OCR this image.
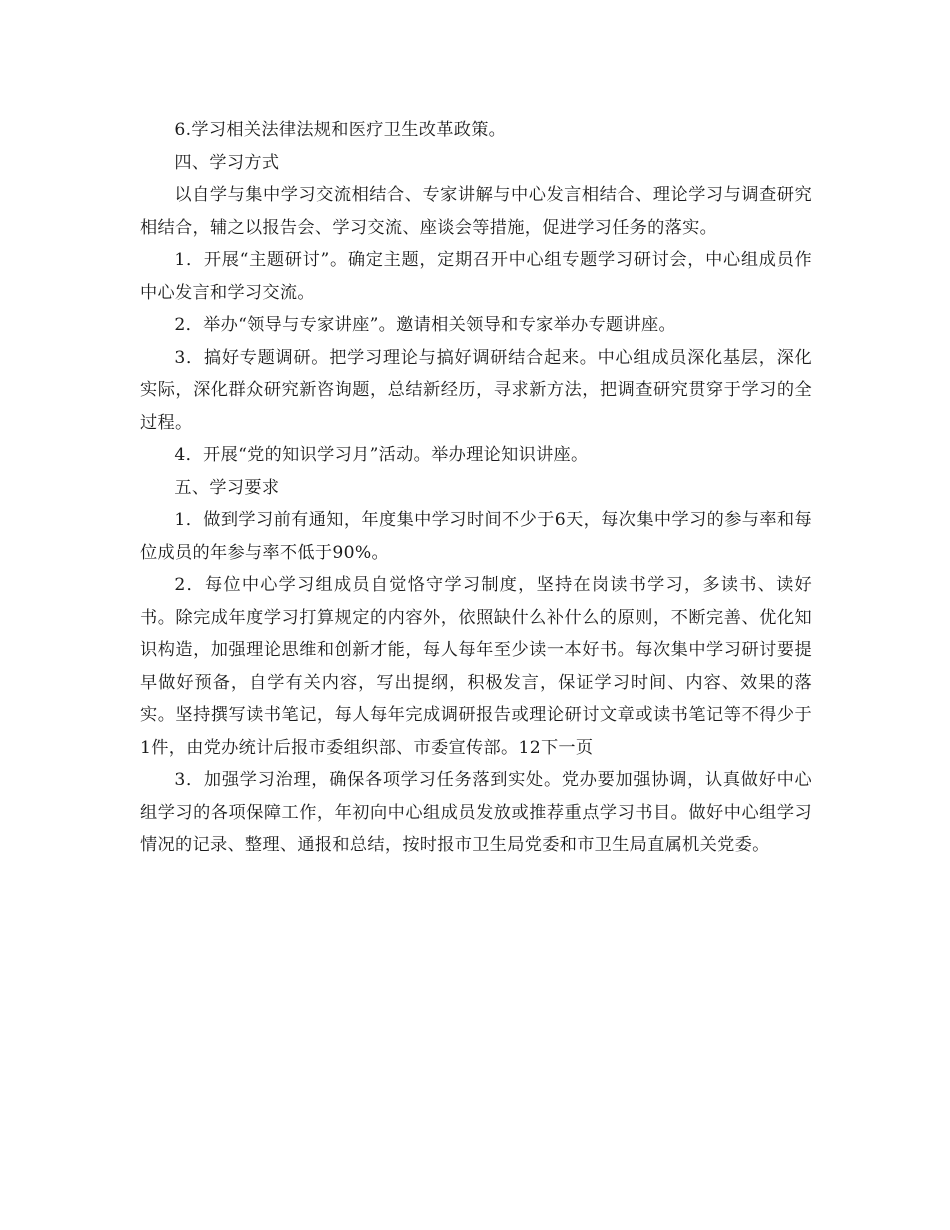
6.学习相关法律法规和医疗卫生改革政策。

四、学习方式

以自学与集中学习交流相结合、专家讲解与中心发言相结合、理论学习与调查研究相结合，辅之以报告会、学习交流、座谈会等措施，促进学习任务的落实。

1．开展“主题研讨”。确定主题，定期召开中心组专题学习研讨会，中心组成员作中心发言和学习交流。

2．举办“领导与专家讲座”。邀请相关领导和专家举办专题讲座。

3．搞好专题调研。把学习理论与搞好调研结合起来。中心组成员深化基层，深化实际，深化群众研究新咨询题，总结新经历，寻求新方法，把调查研究贯穿于学习的全过程。

4．开展“党的知识学习月”活动。举办理论知识讲座。

五、学习要求

1．做到学习前有通知，年度集中学习时间不少于6天，每次集中学习的参与率和每位成员的年参与率不低于90%。

2．每位中心学习组成员自觉恪守学习制度，坚持在岗读书学习，多读书、读好书。除完成年度学习打算规定的内容外，依照缺什么补什么的原则，不断完善、优化知识构造，加强理论思维和创新才能，每人每年至少读一本好书。每次集中学习研讨要提早做好预备，自学有关内容，写出提纲，积极发言，保证学习时间、内容、效果的落实。坚持撰写读书笔记，每人每年完成调研报告或理论研讨文章或读书笔记等不得少于1件，由党办统计后报市委组织部、市委宣传部。12下一页

3．加强学习治理，确保各项学习任务落到实处。党办要加强协调，认真做好中心组学习的各项保障工作，年初向中心组成员发放或推荐重点学习书目。做好中心组学习情况的记录、整理、通报和总结，按时报市卫生局党委和市卫生局直属机关党委。
